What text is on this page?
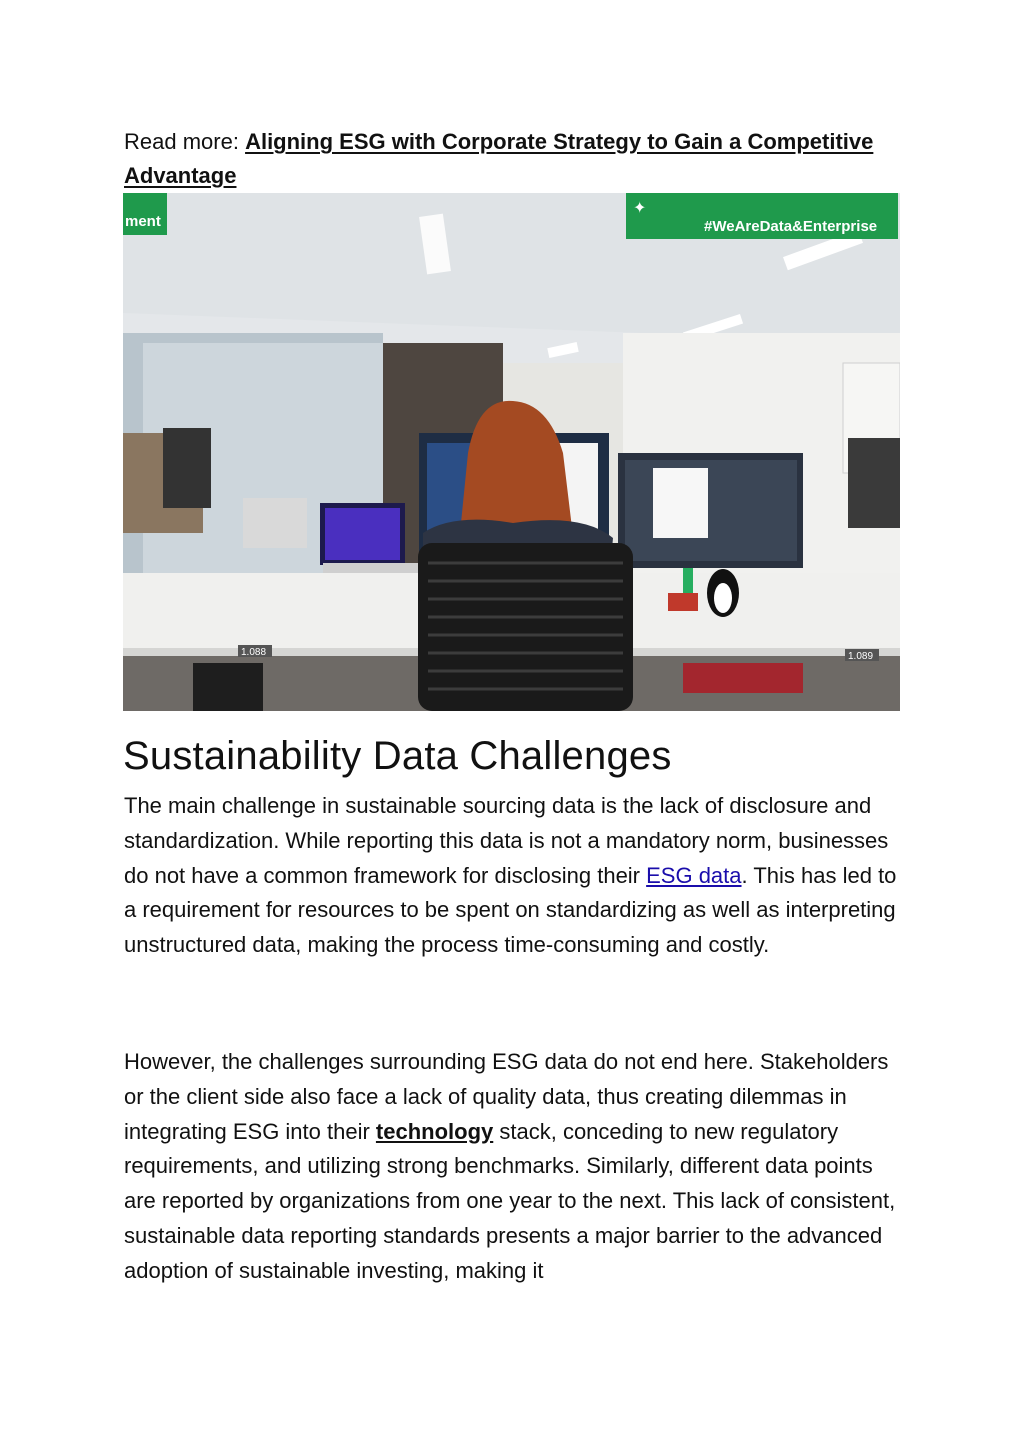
Read more: Aligning ESG with Corporate Strategy to Gain a Competitive Advantage
ment
✦
#WeAreData&Enterprise
1.088	1.089
Sustainability Data Challenges

The main challenge in sustainable sourcing data is the lack of disclosure and standardization. While reporting this data is not a mandatory norm, businesses do not have a common framework for disclosing their ESG data. This has led to a requirement for resources to be spent on standardizing as well as interpreting unstructured data, making the process time-consuming and costly.

However, the challenges surrounding ESG data do not end here. Stakeholders or the client side also face a lack of quality data, thus creating dilemmas in integrating ESG into their technology stack, conceding to new regulatory requirements, and utilizing strong benchmarks. Similarly, different data points are reported by organizations from one year to the next. This lack of consistent, sustainable data reporting standards presents a major barrier to the advanced adoption of sustainable investing, making it
